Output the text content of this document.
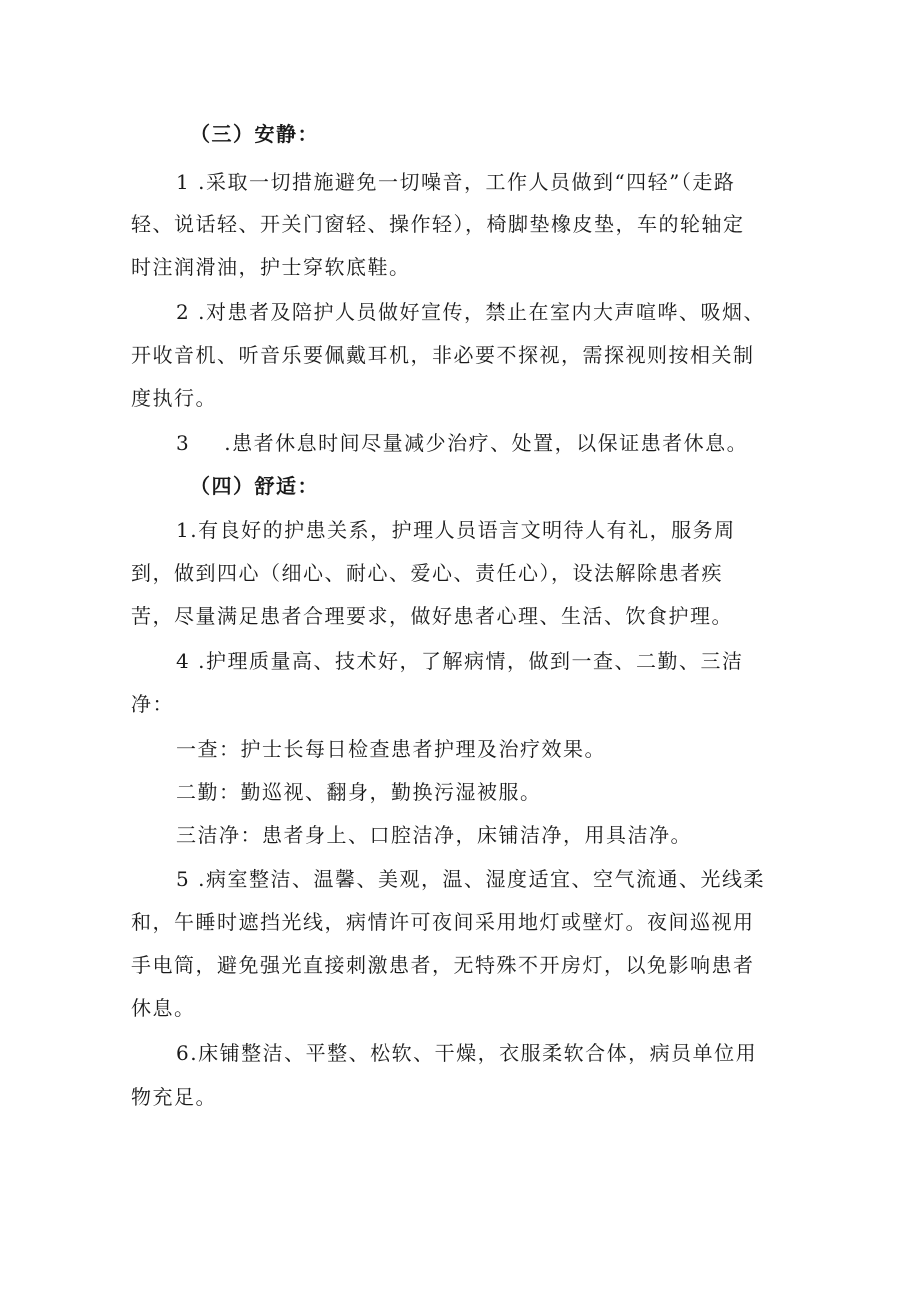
（三）安静：
1 .采取一切措施避免一切噪音，工作人员做到“四轻”（走路
轻、说话轻、开关门窗轻、操作轻），椅脚垫橡皮垫，车的轮轴定
时注润滑油，护士穿软底鞋。
2 .对患者及陪护人员做好宣传，禁止在室内大声喧哗、吸烟、
开收音机、听音乐要佩戴耳机，非必要不探视，需探视则按相关制
度执行。
3 .患者休息时间尽量减少治疗、处置，以保证患者休息。
（四）舒适：
1.有良好的护患关系，护理人员语言文明待人有礼，服务周
到，做到四心（细心、耐心、爱心、责任心），设法解除患者疾
苦，尽量满足患者合理要求，做好患者心理、生活、饮食护理。
4 .护理质量高、技术好，了解病情，做到一查、二勤、三洁
净：
一查：护士长每日检查患者护理及治疗效果。
二勤：勤巡视、翻身，勤换污湿被服。
三洁净：患者身上、口腔洁净，床铺洁净，用具洁净。
5 .病室整洁、温馨、美观，温、湿度适宜、空气流通、光线柔
和，午睡时遮挡光线，病情许可夜间采用地灯或壁灯。夜间巡视用
手电筒，避免强光直接刺激患者，无特殊不开房灯，以免影响患者
休息。
6.床铺整洁、平整、松软、干燥，衣服柔软合体，病员单位用
物充足。
